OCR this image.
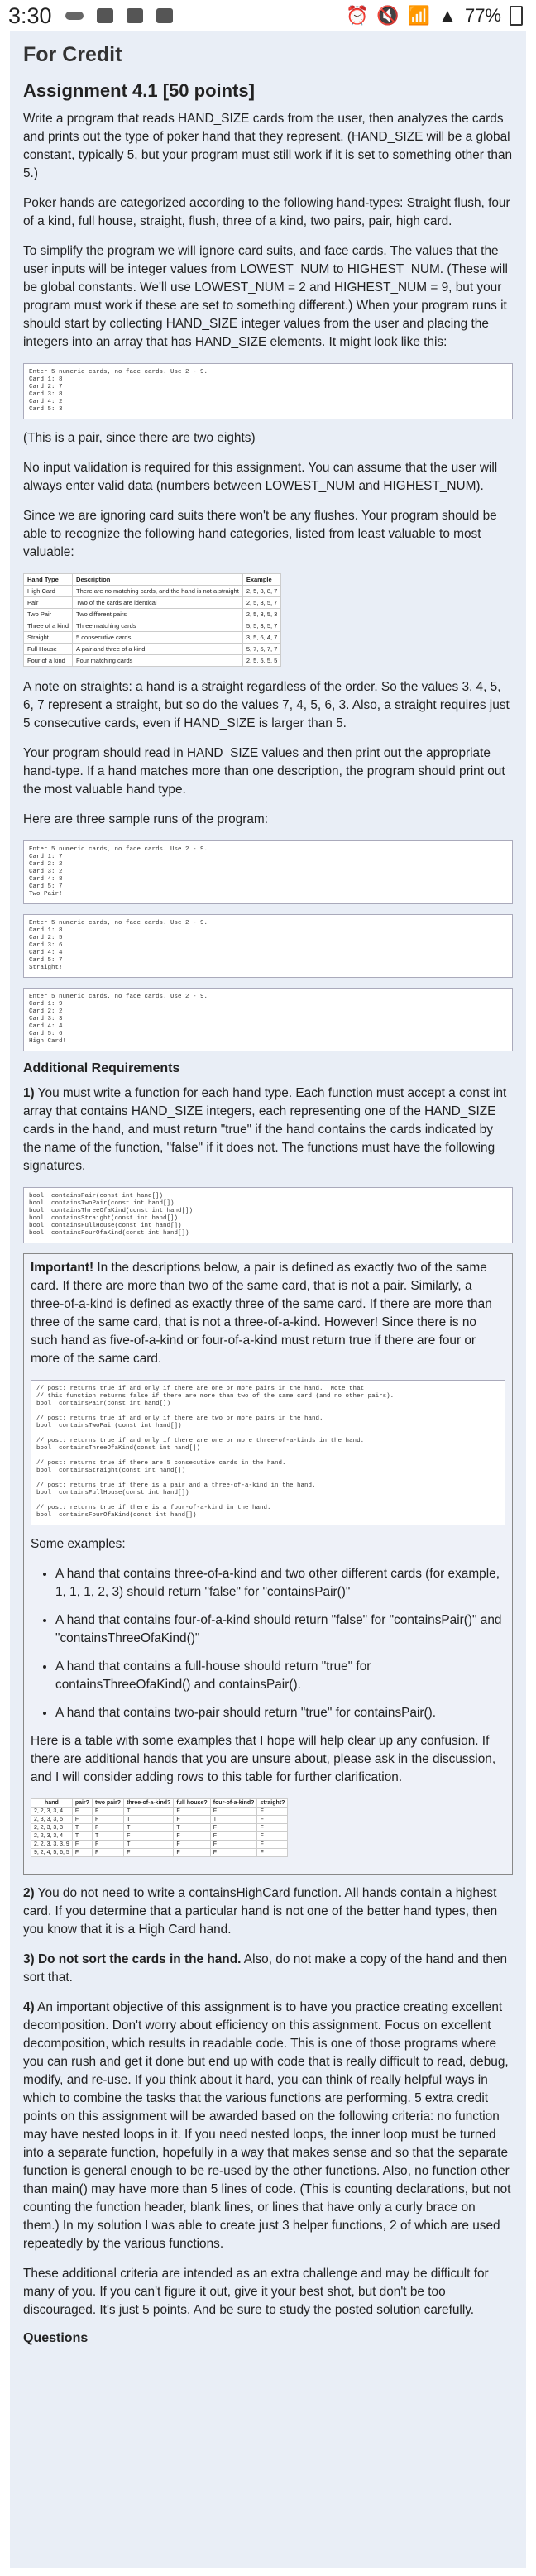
3:30	⏰ 🔇 📶 ▲ 77%
For Credit
Assignment 4.1 [50 points]

Write a program that reads HAND_SIZE cards from the user, then analyzes the cards and prints out the type of poker hand that they represent. (HAND_SIZE will be a global constant, typically 5, but your program must still work if it is set to something other than 5.)

Poker hands are categorized according to the following hand-types: Straight flush, four of a kind, full house, straight, flush, three of a kind, two pairs, pair, high card.

To simplify the program we will ignore card suits, and face cards. The values that the user inputs will be integer values from LOWEST_NUM to HIGHEST_NUM. (These will be global constants. We'll use LOWEST_NUM = 2 and HIGHEST_NUM = 9, but your program must work if these are set to something different.) When your program runs it should start by collecting HAND_SIZE integer values from the user and placing the integers into an array that has HAND_SIZE elements. It might look like this:

Enter 5 numeric cards, no face cards. Use 2 - 9.
Card 1: 8
Card 2: 7
Card 3: 8
Card 4: 2
Card 5: 3

(This is a pair, since there are two eights)

No input validation is required for this assignment. You can assume that the user will always enter valid data (numbers between LOWEST_NUM and HIGHEST_NUM).

Since we are ignoring card suits there won't be any flushes. Your program should be able to recognize the following hand categories, listed from least valuable to most valuable:

Hand Type	Description	Example
High Card	There are no matching cards, and the hand is not a straight	2, 5, 3, 8, 7
Pair	Two of the cards are identical	2, 5, 3, 5, 7
Two Pair	Two different pairs	2, 5, 3, 5, 3
Three of a kind	Three matching cards	5, 5, 3, 5, 7
Straight	5 consecutive cards	3, 5, 6, 4, 7
Full House	A pair and three of a kind	5, 7, 5, 7, 7
Four of a kind	Four matching cards	2, 5, 5, 5, 5

A note on straights: a hand is a straight regardless of the order. So the values 3, 4, 5, 6, 7 represent a straight, but so do the values 7, 4, 5, 6, 3. Also, a straight requires just 5 consecutive cards, even if HAND_SIZE is larger than 5.

Your program should read in HAND_SIZE values and then print out the appropriate hand-type. If a hand matches more than one description, the program should print out the most valuable hand type.

Here are three sample runs of the program:

Enter 5 numeric cards, no face cards. Use 2 - 9.
Card 1: 7
Card 2: 2
Card 3: 2
Card 4: 8
Card 5: 7
Two Pair!
Enter 5 numeric cards, no face cards. Use 2 - 9.
Card 1: 8
Card 2: 5
Card 3: 6
Card 4: 4
Card 5: 7
Straight!
Enter 5 numeric cards, no face cards. Use 2 - 9.
Card 1: 9
Card 2: 2
Card 3: 3
Card 4: 4
Card 5: 6
High Card!
Additional Requirements

1) You must write a function for each hand type. Each function must accept a const int array that contains HAND_SIZE integers, each representing one of the HAND_SIZE cards in the hand, and must return "true" if the hand contains the cards indicated by the name of the function, "false" if it does not. The functions must have the following signatures.

bool  containsPair(const int hand[])
bool  containsTwoPair(const int hand[])
bool  containsThreeOfaKind(const int hand[])
bool  containsStraight(const int hand[])
bool  containsFullHouse(const int hand[])
bool  containsFourOfaKind(const int hand[])

Important! In the descriptions below, a pair is defined as exactly two of the same card. If there are more than two of the same card, that is not a pair. Similarly, a three-of-a-kind is defined as exactly three of the same card. If there are more than three of the same card, that is not a three-of-a-kind. However! Since there is no such hand as five-of-a-kind or four-of-a-kind must return true if there are four or more of the same card.

// post: returns true if and only if there are one or more pairs in the hand.  Note that
// this function returns false if there are more than two of the same card (and no other pairs).
bool  containsPair(const int hand[])

// post: returns true if and only if there are two or more pairs in the hand.
bool  containsTwoPair(const int hand[])

// post: returns true if and only if there are one or more three-of-a-kinds in the hand.
bool  containsThreeOfaKind(const int hand[])

// post: returns true if there are 5 consecutive cards in the hand.
bool  containsStraight(const int hand[])

// post: returns true if there is a pair and a three-of-a-kind in the hand.
bool  containsFullHouse(const int hand[])

// post: returns true if there is a four-of-a-kind in the hand.
bool  containsFourOfaKind(const int hand[])

Some examples:

• A hand that contains three-of-a-kind and two other different cards (for example, 1, 1, 1, 2, 3) should return "false" for "containsPair()"
• A hand that contains four-of-a-kind should return "false" for "containsPair()" and "containsThreeOfaKind()"
• A hand that contains a full-house should return "true" for containsThreeOfaKind() and containsPair().
• A hand that contains two-pair should return "true" for containsPair().

Here is a table with some examples that I hope will help clear up any confusion. If there are additional hands that you are unsure about, please ask in the discussion, and I will consider adding rows to this table for further clarification.

hand	pair?	two pair?	three-of-a-kind?	full house?	four-of-a-kind?	straight?
2, 2, 3, 3, 4	F	F	T	F	F	F
2, 3, 3, 3, 5	F	F	T	F	T	F
2, 2, 3, 3, 3	T	F	T	T	F	F
2, 2, 3, 3, 4	T	T	F	F	F	F
2, 2, 3, 3, 3, 9	F	F	T	F	F	F
9, 2, 4, 5, 6, 5	F	F	F	F	F	F

2) You do not need to write a containsHighCard function. All hands contain a highest card. If you determine that a particular hand is not one of the better hand types, then you know that it is a High Card hand.

3) Do not sort the cards in the hand. Also, do not make a copy of the hand and then sort that.

4) An important objective of this assignment is to have you practice creating excellent decomposition. Don't worry about efficiency on this assignment. Focus on excellent decomposition, which results in readable code. This is one of those programs where you can rush and get it done but end up with code that is really difficult to read, debug, modify, and re-use. If you think about it hard, you can think of really helpful ways in which to combine the tasks that the various functions are performing. 5 extra credit points on this assignment will be awarded based on the following criteria: no function may have nested loops in it. If you need nested loops, the inner loop must be turned into a separate function, hopefully in a way that makes sense and so that the separate function is general enough to be re-used by the other functions. Also, no function other than main() may have more than 5 lines of code. (This is counting declarations, but not counting the function header, blank lines, or lines that have only a curly brace on them.) In my solution I was able to create just 3 helper functions, 2 of which are used repeatedly by the various functions.

These additional criteria are intended as an extra challenge and may be difficult for many of you. If you can't figure it out, give it your best shot, but don't be too discouraged. It's just 5 points. And be sure to study the posted solution carefully.

Questions
